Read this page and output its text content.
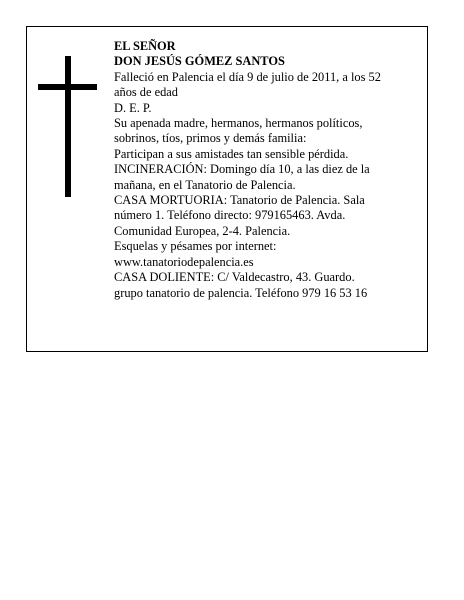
EL SEÑOR
DON JESÚS GÓMEZ SANTOS
Falleció en Palencia el día 9 de julio de 2011, a los 52
años de edad
D. E. P.
Su apenada madre, hermanos, hermanos políticos,
sobrinos, tíos, primos y demás familia:
Participan a sus amistades tan sensible pérdida.
INCINERACIÓN: Domingo día 10, a las diez de la
mañana, en el Tanatorio de Palencia.
CASA MORTUORIA: Tanatorio de Palencia. Sala
número 1. Teléfono directo: 979165463. Avda.
Comunidad Europea, 2-4. Palencia.
Esquelas y pésames por internet:
www.tanatoriodepalencia.es
CASA DOLIENTE: C/ Valdecastro, 43. Guardo.
grupo tanatorio de palencia. Teléfono 979 16 53 16
